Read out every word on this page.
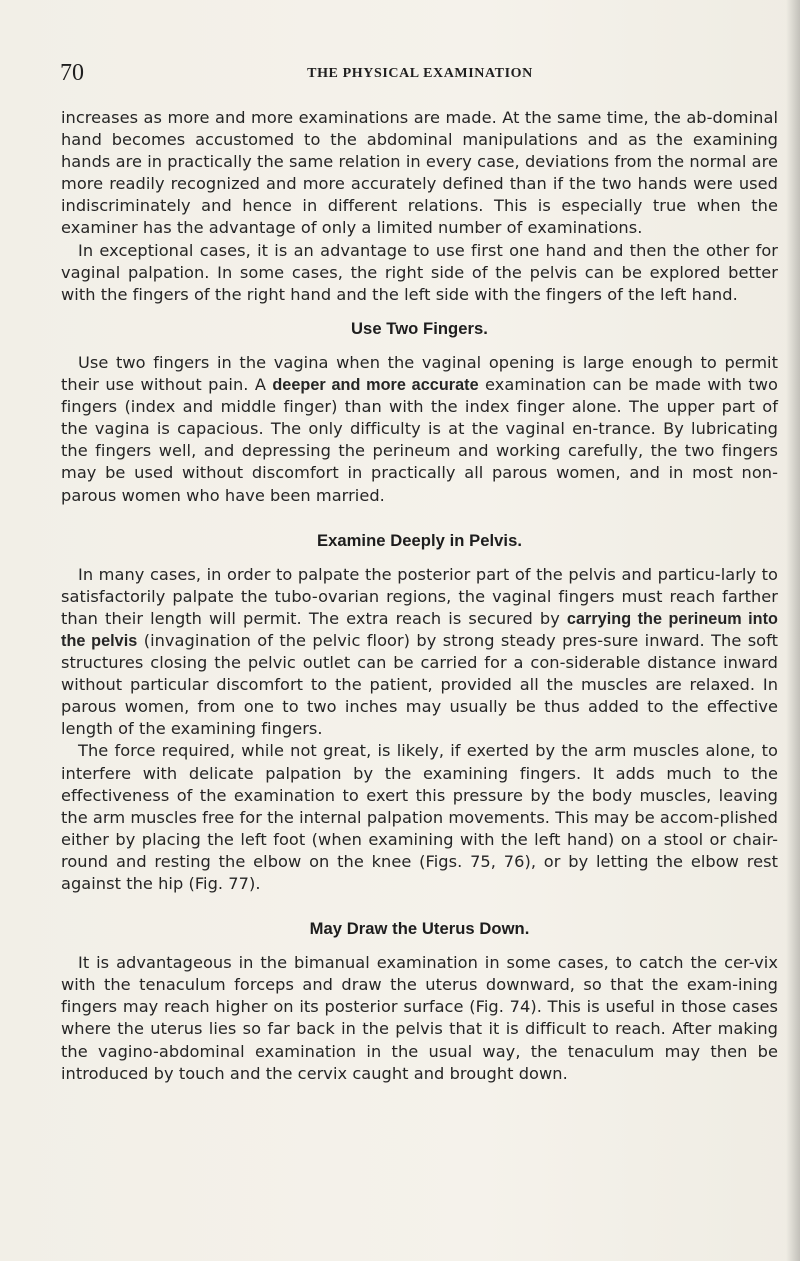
70	THE PHYSICAL EXAMINATION

increases as more and more examinations are made. At the same time, the ab-dominal hand becomes accustomed to the abdominal manipulations and as the examining hands are in practically the same relation in every case, deviations from the normal are more readily recognized and more accurately defined than if the two hands were used indiscriminately and hence in different relations. This is especially true when the examiner has the advantage of only a limited number of examinations.

In exceptional cases, it is an advantage to use first one hand and then the other for vaginal palpation. In some cases, the right side of the pelvis can be explored better with the fingers of the right hand and the left side with the fingers of the left hand.

Use Two Fingers.

Use two fingers in the vagina when the vaginal opening is large enough to permit their use without pain. A deeper and more accurate examination can be made with two fingers (index and middle finger) than with the index finger alone. The upper part of the vagina is capacious. The only difficulty is at the vaginal en-trance. By lubricating the fingers well, and depressing the perineum and working carefully, the two fingers may be used without discomfort in practically all parous women, and in most non-parous women who have been married.

Examine Deeply in Pelvis.

In many cases, in order to palpate the posterior part of the pelvis and particu-larly to satisfactorily palpate the tubo-ovarian regions, the vaginal fingers must reach farther than their length will permit. The extra reach is secured by carrying the perineum into the pelvis (invagination of the pelvic floor) by strong steady pres-sure inward. The soft structures closing the pelvic outlet can be carried for a con-siderable distance inward without particular discomfort to the patient, provided all the muscles are relaxed. In parous women, from one to two inches may usually be thus added to the effective length of the examining fingers.

The force required, while not great, is likely, if exerted by the arm muscles alone, to interfere with delicate palpation by the examining fingers. It adds much to the effectiveness of the examination to exert this pressure by the body muscles, leaving the arm muscles free for the internal palpation movements. This may be accom-plished either by placing the left foot (when examining with the left hand) on a stool or chair-round and resting the elbow on the knee (Figs. 75, 76), or by letting the elbow rest against the hip (Fig. 77).

May Draw the Uterus Down.

It is advantageous in the bimanual examination in some cases, to catch the cer-vix with the tenaculum forceps and draw the uterus downward, so that the exam-ining fingers may reach higher on its posterior surface (Fig. 74). This is useful in those cases where the uterus lies so far back in the pelvis that it is difficult to reach. After making the vagino-abdominal examination in the usual way, the tenaculum may then be introduced by touch and the cervix caught and brought down.
